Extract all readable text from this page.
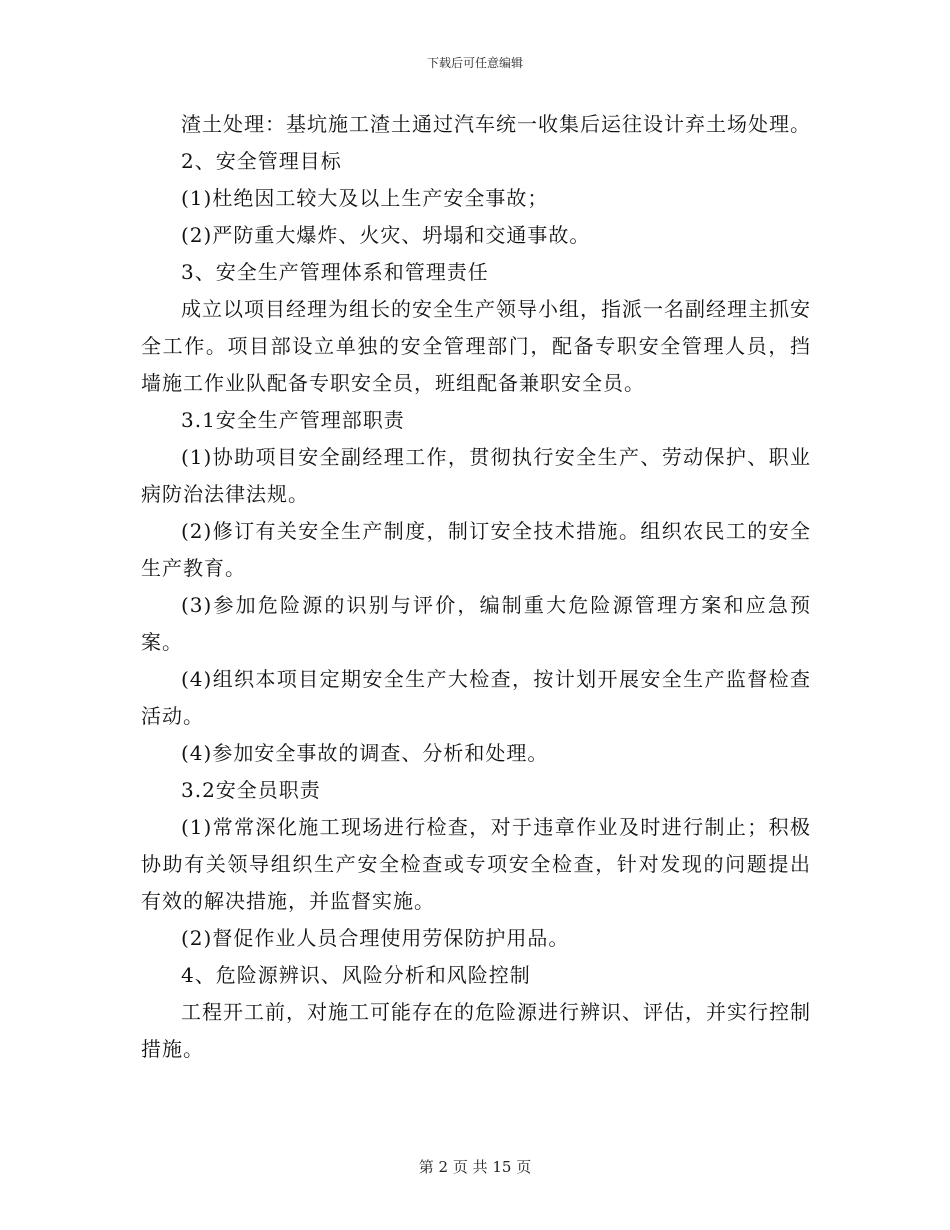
下载后可任意编辑

渣土处理：基坑施工渣土通过汽车统一收集后运往设计弃土场处理。

2、安全管理目标

(1)杜绝因工较大及以上生产安全事故；

(2)严防重大爆炸、火灾、坍塌和交通事故。

3、安全生产管理体系和管理责任

成立以项目经理为组长的安全生产领导小组，指派一名副经理主抓安全工作。项目部设立单独的安全管理部门，配备专职安全管理人员，挡墙施工作业队配备专职安全员，班组配备兼职安全员。

3.1安全生产管理部职责

(1)协助项目安全副经理工作，贯彻执行安全生产、劳动保护、职业病防治法律法规。

(2)修订有关安全生产制度，制订安全技术措施。组织农民工的安全生产教育。

(3)参加危险源的识别与评价，编制重大危险源管理方案和应急预案。

(4)组织本项目定期安全生产大检查，按计划开展安全生产监督检查活动。

(4)参加安全事故的调查、分析和处理。

3.2安全员职责

(1)常常深化施工现场进行检查，对于违章作业及时进行制止；积极协助有关领导组织生产安全检查或专项安全检查，针对发现的问题提出有效的解决措施，并监督实施。

(2)督促作业人员合理使用劳保防护用品。

4、危险源辨识、风险分析和风险控制

工程开工前，对施工可能存在的危险源进行辨识、评估，并实行控制措施。

第 2 页 共 15 页
